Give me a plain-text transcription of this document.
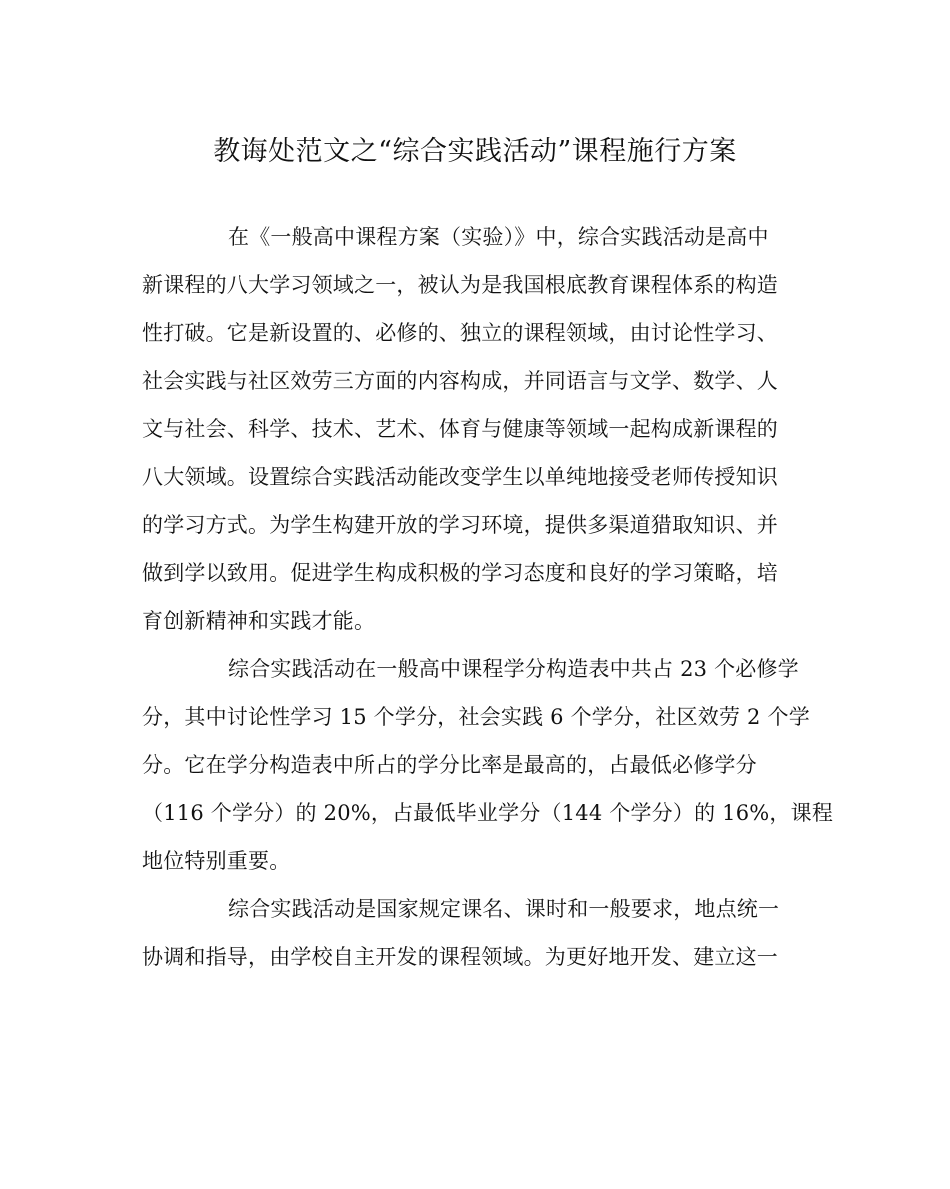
教诲处范文之“综合实践活动”课程施行方案
在《一般高中课程方案（实验）》中，综合实践活动是高中
新课程的八大学习领域之一，被认为是我国根底教育课程体系的构造
性打破。它是新设置的、必修的、独立的课程领域，由讨论性学习、
社会实践与社区效劳三方面的内容构成，并同语言与文学、数学、人
文与社会、科学、技术、艺术、体育与健康等领域一起构成新课程的
八大领域。设置综合实践活动能改变学生以单纯地接受老师传授知识
的学习方式。为学生构建开放的学习环境，提供多渠道猎取知识、并
做到学以致用。促进学生构成积极的学习态度和良好的学习策略，培
育创新精神和实践才能。
综合实践活动在一般高中课程学分构造表中共占 23 个必修学
分，其中讨论性学习 15 个学分，社会实践 6 个学分，社区效劳 2 个学
分。它在学分构造表中所占的学分比率是最高的，占最低必修学分
（116 个学分）的 20%，占最低毕业学分（144 个学分）的 16%，课程
地位特别重要。
综合实践活动是国家规定课名、课时和一般要求，地点统一
协调和指导，由学校自主开发的课程领域。为更好地开发、建立这一
